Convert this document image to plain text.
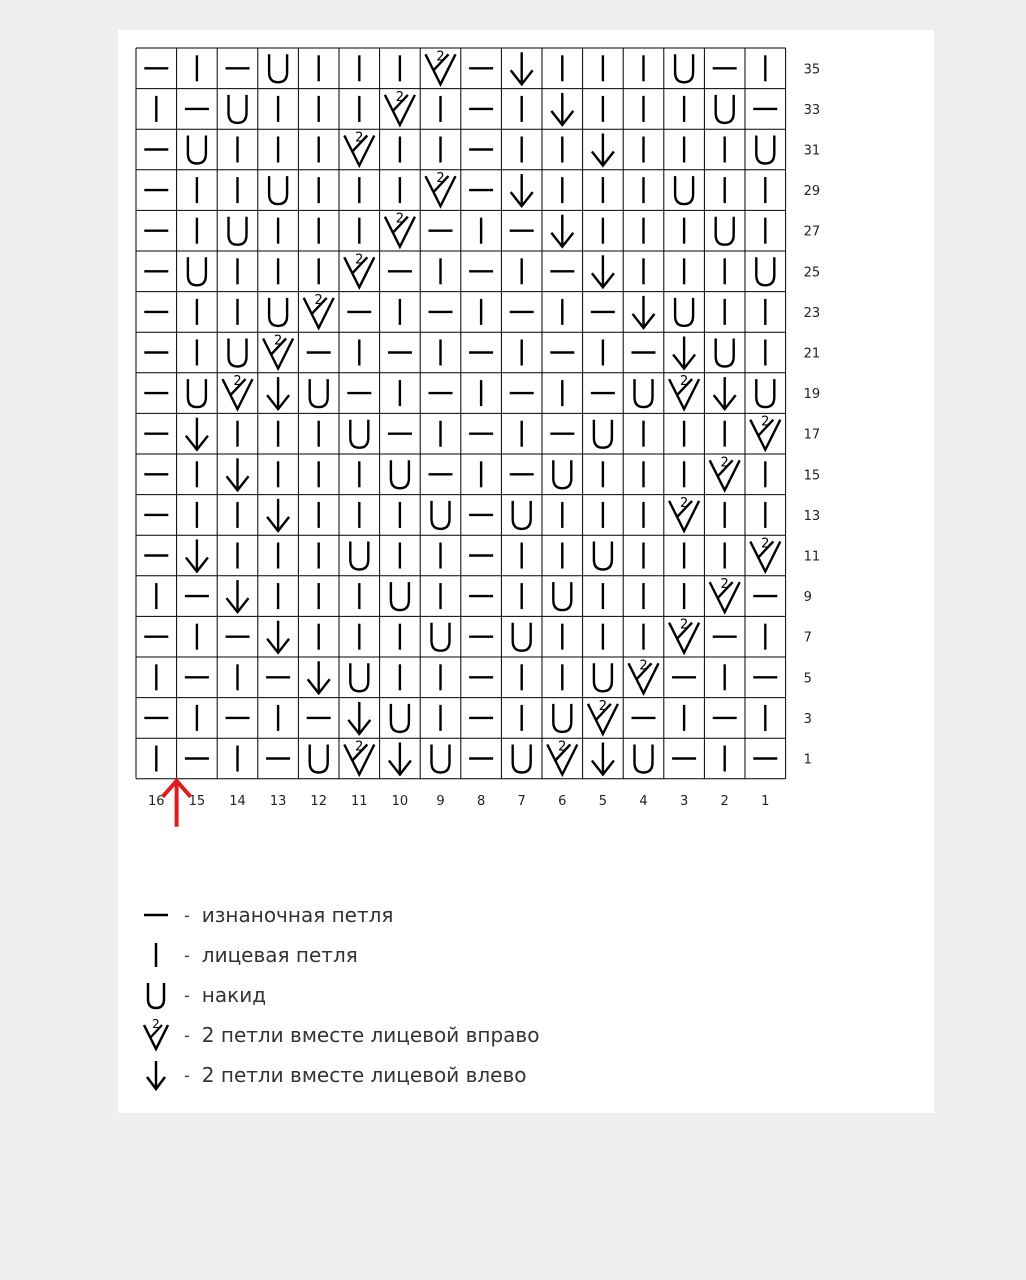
2
2
2
2
2
2
2
2
2	2
2
2
2
2
2
2
2
2
2	2
35
33
31
29
27
25
23
21
19
17
15
13
11
9
7
5
3
1
16 15 14 13 12 11 10 9 8 7 6 5 4 3 2 1
- изнаночная петля
- лицевая петля
- накид
2
- 2 петли вместе лицевой вправо
- 2 петли вместе лицевой влево
